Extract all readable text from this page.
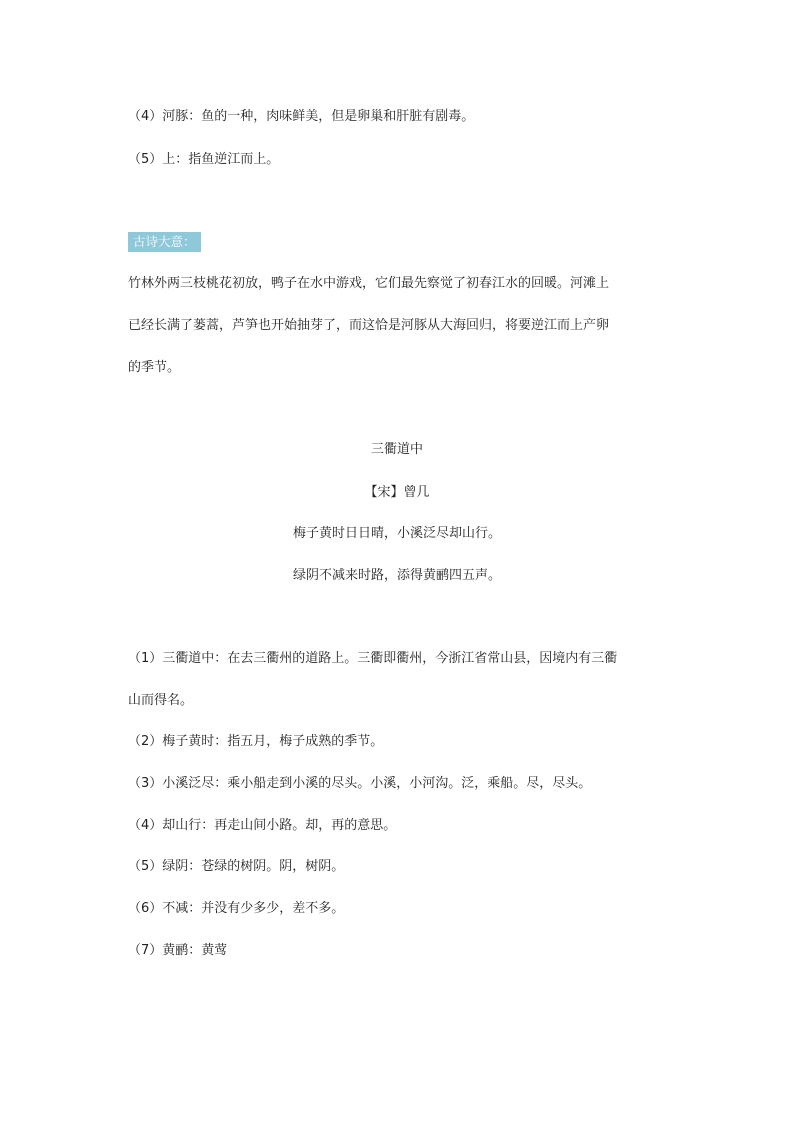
（4）河豚：鱼的一种，肉味鲜美，但是卵巢和肝脏有剧毒。

（5）上：指鱼逆江而上。

古诗大意：

竹林外两三枝桃花初放，鸭子在水中游戏，它们最先察觉了初春江水的回暖。河滩上

已经长满了蒌蒿，芦笋也开始抽芽了，而这恰是河豚从大海回归，将要逆江而上产卵

的季节。

三衢道中

【宋】曾几

梅子黄时日日晴，小溪泛尽却山行。

绿阴不减来时路，添得黄鹂四五声。

（1）三衢道中：在去三衢州的道路上。三衢即衢州，今浙江省常山县，因境内有三衢

山而得名。

（2）梅子黄时：指五月，梅子成熟的季节。

（3）小溪泛尽：乘小船走到小溪的尽头。小溪，小河沟。泛，乘船。尽，尽头。

（4）却山行：再走山间小路。却，再的意思。

（5）绿阴：苍绿的树阴。阴，树阴。

（6）不减：并没有少多少，差不多。

（7）黄鹂：黄莺
